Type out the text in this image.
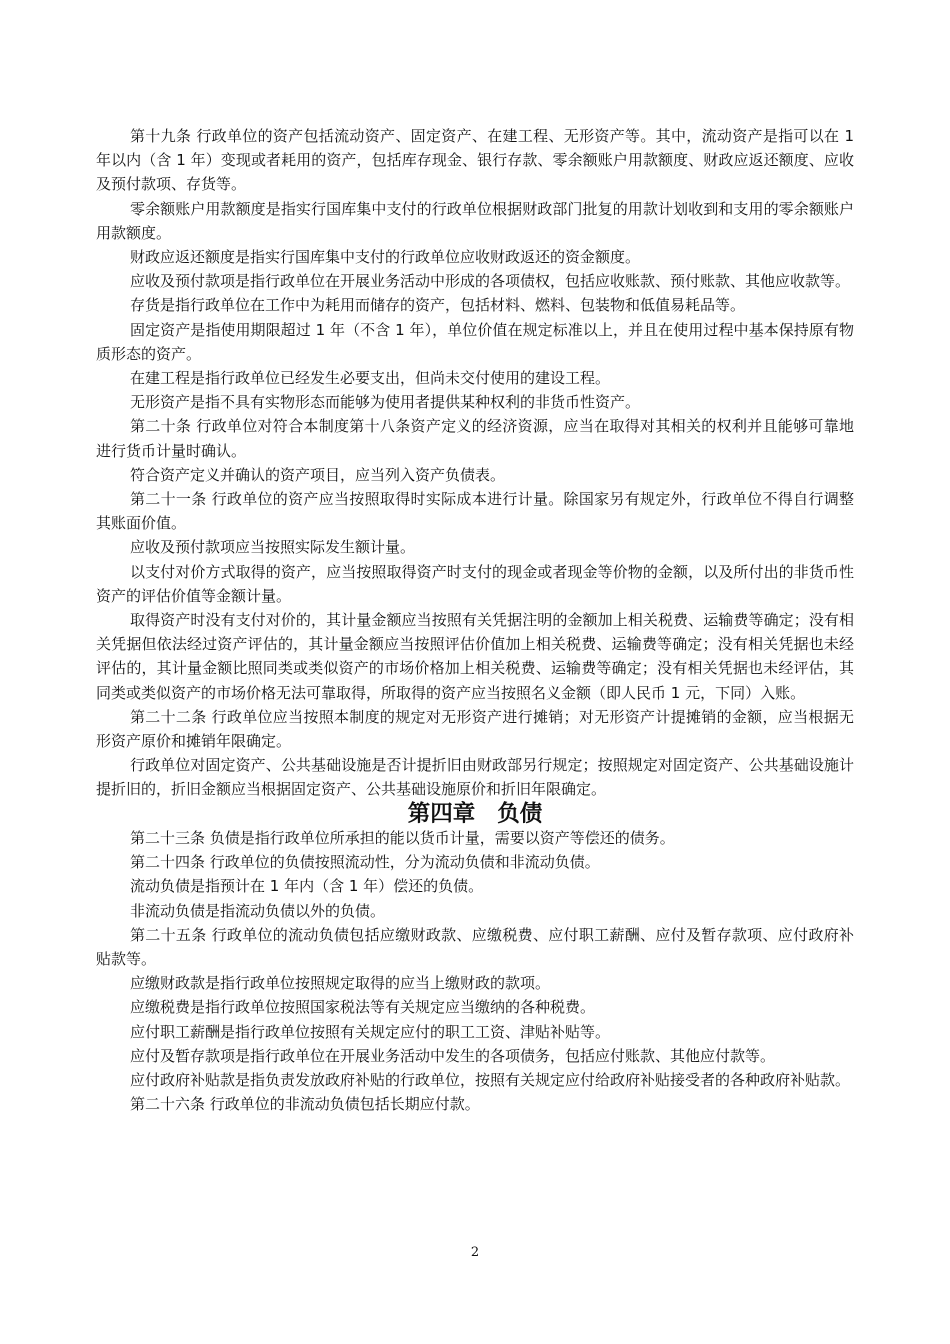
第十九条 行政单位的资产包括流动资产、固定资产、在建工程、无形资产等。其中，流动资产是指可以在 1 年以内（含 1 年）变现或者耗用的资产，包括库存现金、银行存款、零余额账户用款额度、财政应返还额度、应收及预付款项、存货等。

零余额账户用款额度是指实行国库集中支付的行政单位根据财政部门批复的用款计划收到和支用的零余额账户用款额度。

财政应返还额度是指实行国库集中支付的行政单位应收财政返还的资金额度。

应收及预付款项是指行政单位在开展业务活动中形成的各项债权，包括应收账款、预付账款、其他应收款等。

存货是指行政单位在工作中为耗用而储存的资产，包括材料、燃料、包装物和低值易耗品等。

固定资产是指使用期限超过 1 年（不含 1 年），单位价值在规定标准以上，并且在使用过程中基本保持原有物质形态的资产。

在建工程是指行政单位已经发生必要支出，但尚未交付使用的建设工程。

无形资产是指不具有实物形态而能够为使用者提供某种权利的非货币性资产。

第二十条 行政单位对符合本制度第十八条资产定义的经济资源，应当在取得对其相关的权利并且能够可靠地进行货币计量时确认。

符合资产定义并确认的资产项目，应当列入资产负债表。

第二十一条 行政单位的资产应当按照取得时实际成本进行计量。除国家另有规定外，行政单位不得自行调整其账面价值。

应收及预付款项应当按照实际发生额计量。

以支付对价方式取得的资产，应当按照取得资产时支付的现金或者现金等价物的金额，以及所付出的非货币性资产的评估价值等金额计量。

取得资产时没有支付对价的，其计量金额应当按照有关凭据注明的金额加上相关税费、运输费等确定；没有相关凭据但依法经过资产评估的，其计量金额应当按照评估价值加上相关税费、运输费等确定；没有相关凭据也未经评估的，其计量金额比照同类或类似资产的市场价格加上相关税费、运输费等确定；没有相关凭据也未经评估，其同类或类似资产的市场价格无法可靠取得，所取得的资产应当按照名义金额（即人民币 1 元，下同）入账。

第二十二条 行政单位应当按照本制度的规定对无形资产进行摊销；对无形资产计提摊销的金额，应当根据无形资产原价和摊销年限确定。

行政单位对固定资产、公共基础设施是否计提折旧由财政部另行规定；按照规定对固定资产、公共基础设施计提折旧的，折旧金额应当根据固定资产、公共基础设施原价和折旧年限确定。

第四章 负债

第二十三条 负债是指行政单位所承担的能以货币计量，需要以资产等偿还的债务。

第二十四条 行政单位的负债按照流动性，分为流动负债和非流动负债。

流动负债是指预计在 1 年内（含 1 年）偿还的负债。

非流动负债是指流动负债以外的负债。

第二十五条 行政单位的流动负债包括应缴财政款、应缴税费、应付职工薪酬、应付及暂存款项、应付政府补贴款等。

应缴财政款是指行政单位按照规定取得的应当上缴财政的款项。

应缴税费是指行政单位按照国家税法等有关规定应当缴纳的各种税费。

应付职工薪酬是指行政单位按照有关规定应付的职工工资、津贴补贴等。

应付及暂存款项是指行政单位在开展业务活动中发生的各项债务，包括应付账款、其他应付款等。

应付政府补贴款是指负责发放政府补贴的行政单位，按照有关规定应付给政府补贴接受者的各种政府补贴款。

第二十六条 行政单位的非流动负债包括长期应付款。

2
